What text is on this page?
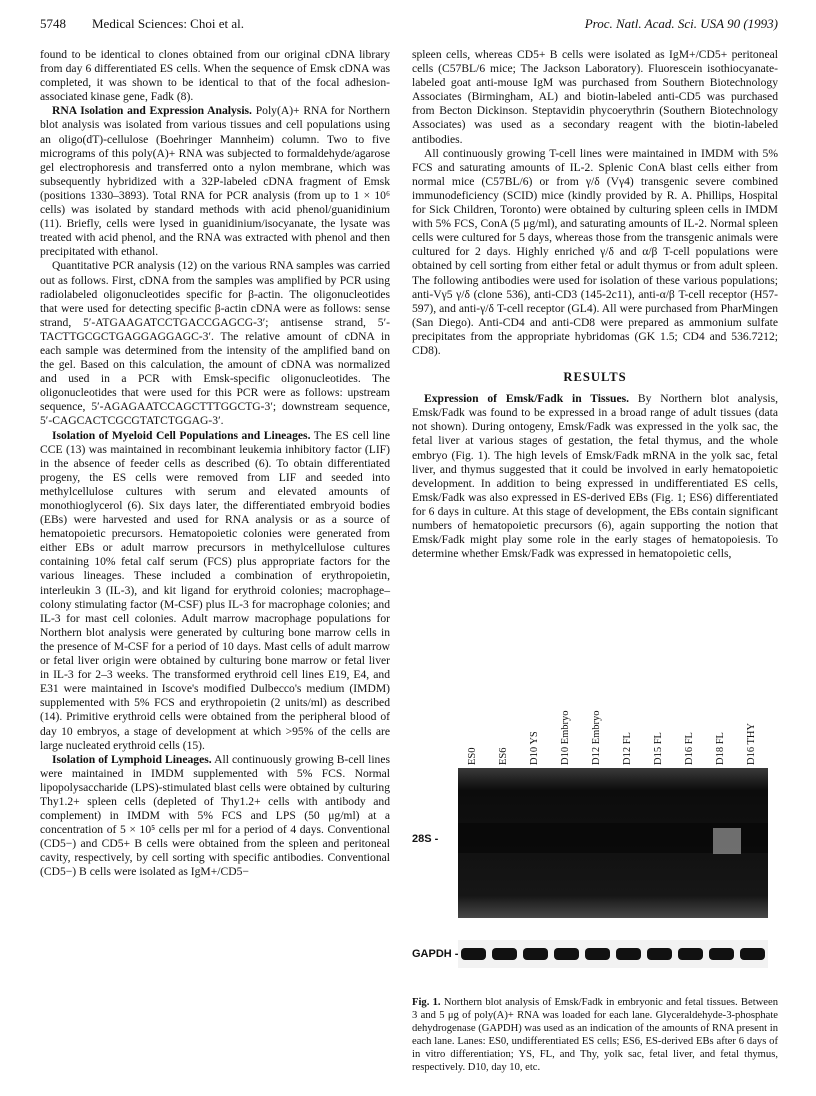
5748 Medical Sciences: Choi et al.	Proc. Natl. Acad. Sci. USA 90 (1993)

found to be identical to clones obtained from our original cDNA library from day 6 differentiated ES cells. When the sequence of Emsk cDNA was completed, it was shown to be identical to that of the focal adhesion-associated kinase gene, Fadk (8).

RNA Isolation and Expression Analysis. Poly(A)+ RNA for Northern blot analysis was isolated from various tissues and cell populations using an oligo(dT)-cellulose (Boehringer Mannheim) column. Two to five micrograms of this poly(A)+ RNA was subjected to formaldehyde/agarose gel electrophoresis and transferred onto a nylon membrane, which was subsequently hybridized with a 32P-labeled cDNA fragment of Emsk (positions 1330–3893). Total RNA for PCR analysis (from up to 1 × 10⁶ cells) was isolated by standard methods with acid phenol/guanidinium (11). Briefly, cells were lysed in guanidinium/isocyanate, the lysate was treated with acid phenol, and the RNA was extracted with phenol and then precipitated with ethanol.

Quantitative PCR analysis (12) on the various RNA samples was carried out as follows. First, cDNA from the samples was amplified by PCR using radiolabeled oligonucleotides specific for β-actin. The oligonucleotides that were used for detecting specific β-actin cDNA were as follows: sense strand, 5′-ATGAAGATCCTGACCGAGCG-3′; antisense strand, 5′-TACTTGCGCTGAGGAGGAGC-3′. The relative amount of cDNA in each sample was determined from the intensity of the amplified band on the gel. Based on this calculation, the amount of cDNA was normalized and used in a PCR with Emsk-specific oligonucleotides. The oligonucleotides that were used for this PCR were as follows: upstream sequence, 5′-AGAGAATCCAGCTTTGGCTG-3′; downstream sequence, 5′-CAGCACTCGCGTATCTGGAG-3′.

Isolation of Myeloid Cell Populations and Lineages. The ES cell line CCE (13) was maintained in recombinant leukemia inhibitory factor (LIF) in the absence of feeder cells as described (6). To obtain differentiated progeny, the ES cells were removed from LIF and seeded into methylcellulose cultures with serum and elevated amounts of monothioglycerol (6). Six days later, the differentiated embryoid bodies (EBs) were harvested and used for RNA analysis or as a source of hematopoietic precursors. Hematopoietic colonies were generated from either EBs or adult marrow precursors in methylcellulose cultures containing 10% fetal calf serum (FCS) plus appropriate factors for the various lineages. These included a combination of erythropoietin, interleukin 3 (IL-3), and kit ligand for erythroid colonies; macrophage–colony stimulating factor (M-CSF) plus IL-3 for macrophage colonies; and IL-3 for mast cell colonies. Adult marrow macrophage populations for Northern blot analysis were generated by culturing bone marrow cells in the presence of M-CSF for a period of 10 days. Mast cells of adult marrow or fetal liver origin were obtained by culturing bone marrow or fetal liver in IL-3 for 2–3 weeks. The transformed erythroid cell lines E19, E4, and E31 were maintained in Iscove's modified Dulbecco's medium (IMDM) supplemented with 5% FCS and erythropoietin (2 units/ml) as described (14). Primitive erythroid cells were obtained from the peripheral blood of day 10 embryos, a stage of development at which >95% of the cells are large nucleated erythroid cells (15).

Isolation of Lymphoid Lineages. All continuously growing B-cell lines were maintained in IMDM supplemented with 5% FCS. Normal lipopolysaccharide (LPS)-stimulated blast cells were obtained by culturing Thy1.2+ spleen cells (depleted of Thy1.2+ cells with antibody and complement) in IMDM with 5% FCS and LPS (50 μg/ml) at a concentration of 5 × 10⁵ cells per ml for a period of 4 days. Conventional (CD5−) and CD5+ B cells were obtained from the spleen and peritoneal cavity, respectively, by cell sorting with specific antibodies. Conventional (CD5−) B cells were isolated as IgM+/CD5−

spleen cells, whereas CD5+ B cells were isolated as IgM+/CD5+ peritoneal cells (C57BL/6 mice; The Jackson Laboratory). Fluorescein isothiocyanate-labeled goat anti-mouse IgM was purchased from Southern Biotechnology Associates (Birmingham, AL) and biotin-labeled anti-CD5 was purchased from Becton Dickinson. Steptavidin phycoerythrin (Southern Biotechnology Associates) was used as a secondary reagent with the biotin-labeled antibodies.

All continuously growing T-cell lines were maintained in IMDM with 5% FCS and saturating amounts of IL-2. Splenic ConA blast cells either from normal mice (C57BL/6) or from γ/δ (Vγ4) transgenic severe combined immunodeficiency (SCID) mice (kindly provided by R. A. Phillips, Hospital for Sick Children, Toronto) were obtained by culturing spleen cells in IMDM with 5% FCS, ConA (5 μg/ml), and saturating amounts of IL-2. Normal spleen cells were cultured for 5 days, whereas those from the transgenic animals were cultured for 2 days. Highly enriched γ/δ and α/β T-cell populations were obtained by cell sorting from either fetal or adult thymus or from adult spleen. The following antibodies were used for isolation of these various populations; anti-Vγ5 γ/δ (clone 536), anti-CD3 (145-2c11), anti-α/β T-cell receptor (H57-597), and anti-γ/δ T-cell receptor (GL4). All were purchased from PharMingen (San Diego). Anti-CD4 and anti-CD8 were prepared as ammonium sulfate precipitates from the appropriate hybridomas (GK 1.5; CD4 and 536.7212; CD8).

RESULTS

Expression of Emsk/Fadk in Tissues. By Northern blot analysis, Emsk/Fadk was found to be expressed in a broad range of adult tissues (data not shown). During ontogeny, Emsk/Fadk was expressed in the yolk sac, the fetal liver at various stages of gestation, the fetal thymus, and the whole embryo (Fig. 1). The high levels of Emsk/Fadk mRNA in the yolk sac, fetal liver, and thymus suggested that it could be involved in early hematopoietic development. In addition to being expressed in undifferentiated ES cells, Emsk/Fadk was also expressed in ES-derived EBs (Fig. 1; ES6) differentiated for 6 days in culture. At this stage of development, the EBs contain significant numbers of hematopoietic precursors (6), again supporting the notion that Emsk/Fadk might play some role in the early stages of hematopoiesis. To determine whether Emsk/Fadk was expressed in hematopoietic cells,

ES0 ES6 D10 YS D10 Embryo D12 Embryo D12 FL D15 FL D16 FL D18 FL D16 THY
28S -
GAPDH -
Fig. 1. Northern blot analysis of Emsk/Fadk in embryonic and fetal tissues. Between 3 and 5 μg of poly(A)+ RNA was loaded for each lane. Glyceraldehyde-3-phosphate dehydrogenase (GAPDH) was used as an indication of the amounts of RNA present in each lane. Lanes: ES0, undifferentiated ES cells; ES6, ES-derived EBs after 6 days of in vitro differentiation; YS, FL, and Thy, yolk sac, fetal liver, and fetal thymus, respectively. D10, day 10, etc.
